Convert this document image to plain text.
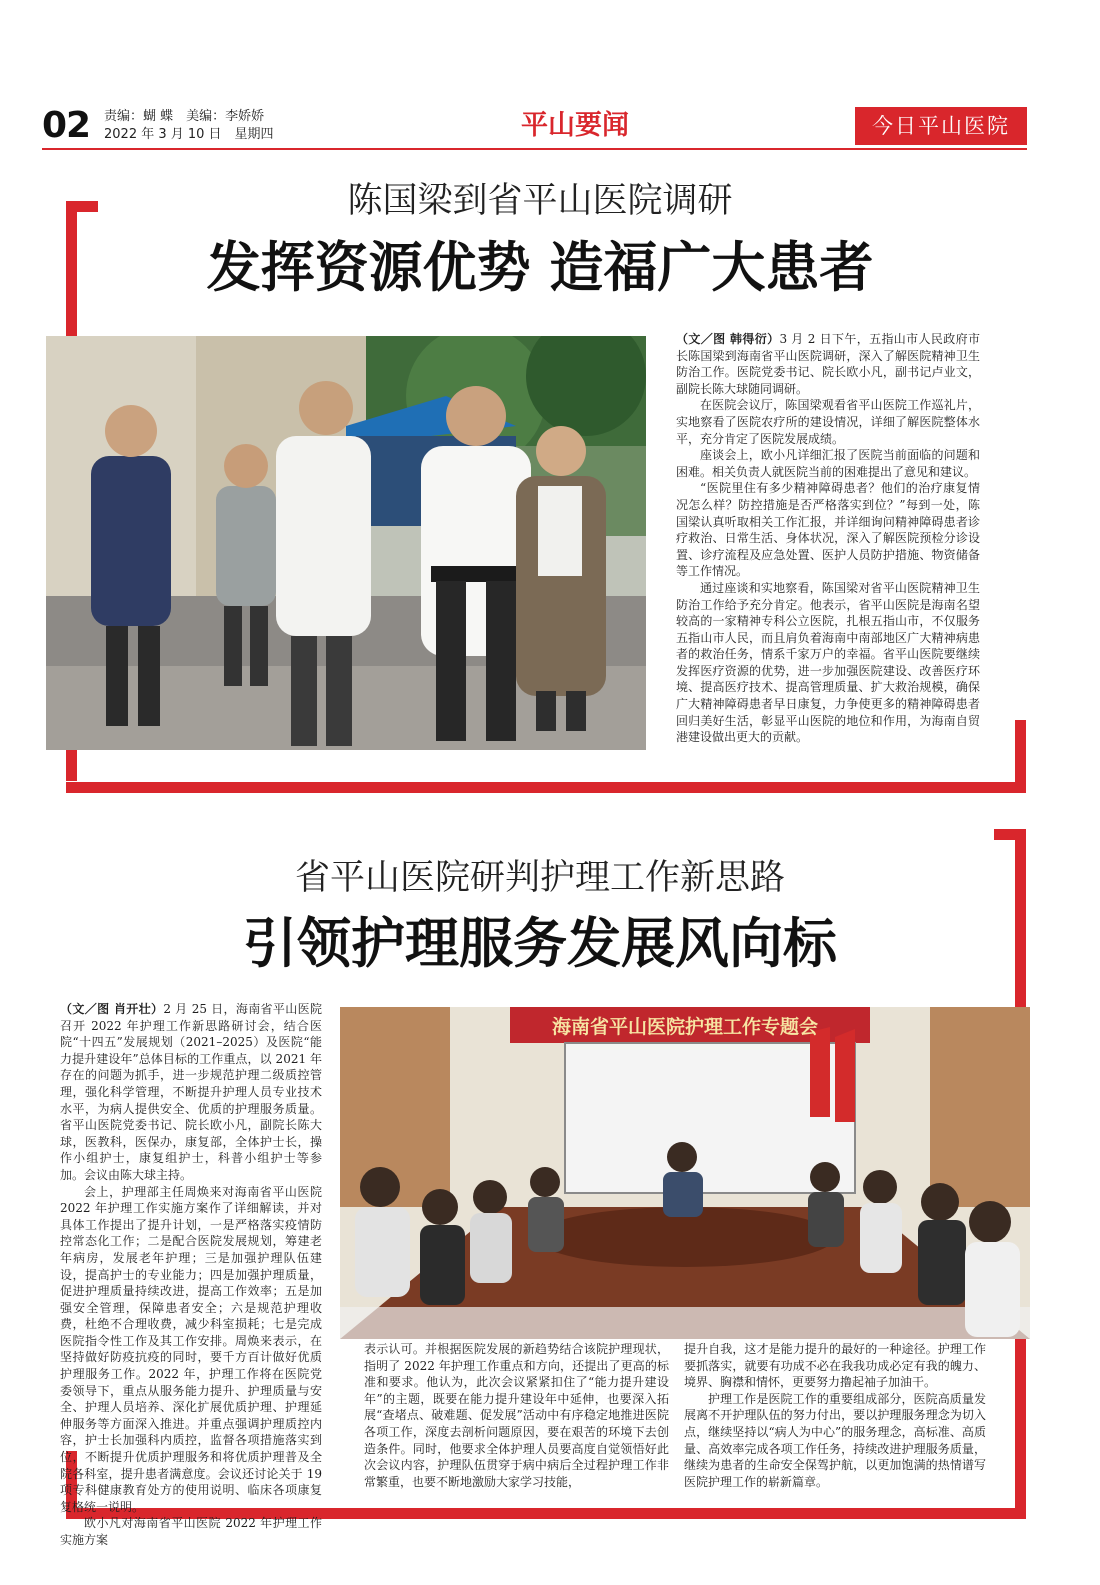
02 责编：蝴 蝶　美编：李娇娇
2022 年 3 月 10 日　星期四	平山要闻	今日平山医院
陈国梁到省平山医院调研
发挥资源优势 造福广大患者

（文／图 韩得衍）3 月 2 日下午，五指山市人民政府市长陈国梁到海南省平山医院调研，深入了解医院精神卫生防治工作。医院党委书记、院长欧小凡，副书记卢业文，副院长陈大球随同调研。

在医院会议厅，陈国梁观看省平山医院工作巡礼片，实地察看了医院农疗所的建设情况，详细了解医院整体水平，充分肯定了医院发展成绩。

座谈会上，欧小凡详细汇报了医院当前面临的问题和困难。相关负责人就医院当前的困难提出了意见和建议。

“医院里住有多少精神障碍患者？他们的治疗康复情况怎么样？防控措施是否严格落实到位？”每到一处，陈国梁认真听取相关工作汇报，并详细询问精神障碍患者诊疗救治、日常生活、身体状况，深入了解医院预检分诊设置、诊疗流程及应急处置、医护人员防护措施、物资储备等工作情况。

通过座谈和实地察看，陈国梁对省平山医院精神卫生防治工作给予充分肯定。他表示，省平山医院是海南名望较高的一家精神专科公立医院，扎根五指山市，不仅服务五指山市人民，而且肩负着海南中南部地区广大精神病患者的救治任务，情系千家万户的幸福。省平山医院要继续发挥医疗资源的优势，进一步加强医院建设、改善医疗环境、提高医疗技术、提高管理质量、扩大救治规模，确保广大精神障碍患者早日康复，力争使更多的精神障碍患者回归美好生活，彰显平山医院的地位和作用，为海南自贸港建设做出更大的贡献。

省平山医院研判护理工作新思路
引领护理服务发展风向标
海南省平山医院护理工作专题会

（文／图 肖开壮）2 月 25 日，海南省平山医院召开 2022 年护理工作新思路研讨会，结合医院“十四五”发展规划（2021–2025）及医院“能力提升建设年”总体目标的工作重点，以 2021 年存在的问题为抓手，进一步规范护理二级质控管理，强化科学管理，不断提升护理人员专业技术水平，为病人提供安全、优质的护理服务质量。省平山医院党委书记、院长欧小凡，副院长陈大球，医教科，医保办，康复部，全体护士长，操作小组护士，康复组护士，科普小组护士等参加。会议由陈大球主持。

会上，护理部主任周焕来对海南省平山医院 2022 年护理工作实施方案作了详细解读，并对具体工作提出了提升计划，一是严格落实疫情防控常态化工作；二是配合医院发展规划，筹建老年病房，发展老年护理；三是加强护理队伍建设，提高护士的专业能力；四是加强护理质量，促进护理质量持续改进，提高工作效率；五是加强安全管理，保障患者安全；六是规范护理收费，杜绝不合理收费，减少科室损耗；七是完成医院指令性工作及其工作安排。周焕来表示，在坚持做好防疫抗疫的同时，要千方百计做好优质护理服务工作。2022 年，护理工作将在医院党委领导下，重点从服务能力提升、护理质量与安全、护理人员培养、深化扩展优质护理、护理延伸服务等方面深入推进。并重点强调护理质控内容，护士长加强科内质控，监督各项措施落实到位，不断提升优质护理服务和将优质护理普及全院各科室，提升患者满意度。会议还讨论关于 19 项专科健康教育处方的使用说明、临床各项康复复格统一说明。

欧小凡对海南省平山医院 2022 年护理工作实施方案

表示认可。并根据医院发展的新趋势结合该院护理现状，指明了 2022 年护理工作重点和方向，还提出了更高的标准和要求。他认为，此次会议紧紧扣住了“能力提升建设年”的主题，既要在能力提升建设年中延伸，也要深入拓展“查堵点、破难题、促发展”活动中有序稳定地推进医院各项工作，深度去剖析问题原因，要在艰苦的环境下去创造条件。同时，他要求全体护理人员要高度自觉领悟好此次会议内容，护理队伍贯穿于病中病后全过程护理工作非常繁重，也要不断地激励大家学习技能，

提升自我，这才是能力提升的最好的一种途径。护理工作要抓落实，就要有功成不必在我我功成必定有我的魄力、境界、胸襟和情怀，更要努力撸起袖子加油干。

护理工作是医院工作的重要组成部分，医院高质量发展离不开护理队伍的努力付出，要以护理服务理念为切入点，继续坚持以“病人为中心”的服务理念，高标准、高质量、高效率完成各项工作任务，持续改进护理服务质量，继续为患者的生命安全保驾护航，以更加饱满的热情谱写医院护理工作的崭新篇章。
